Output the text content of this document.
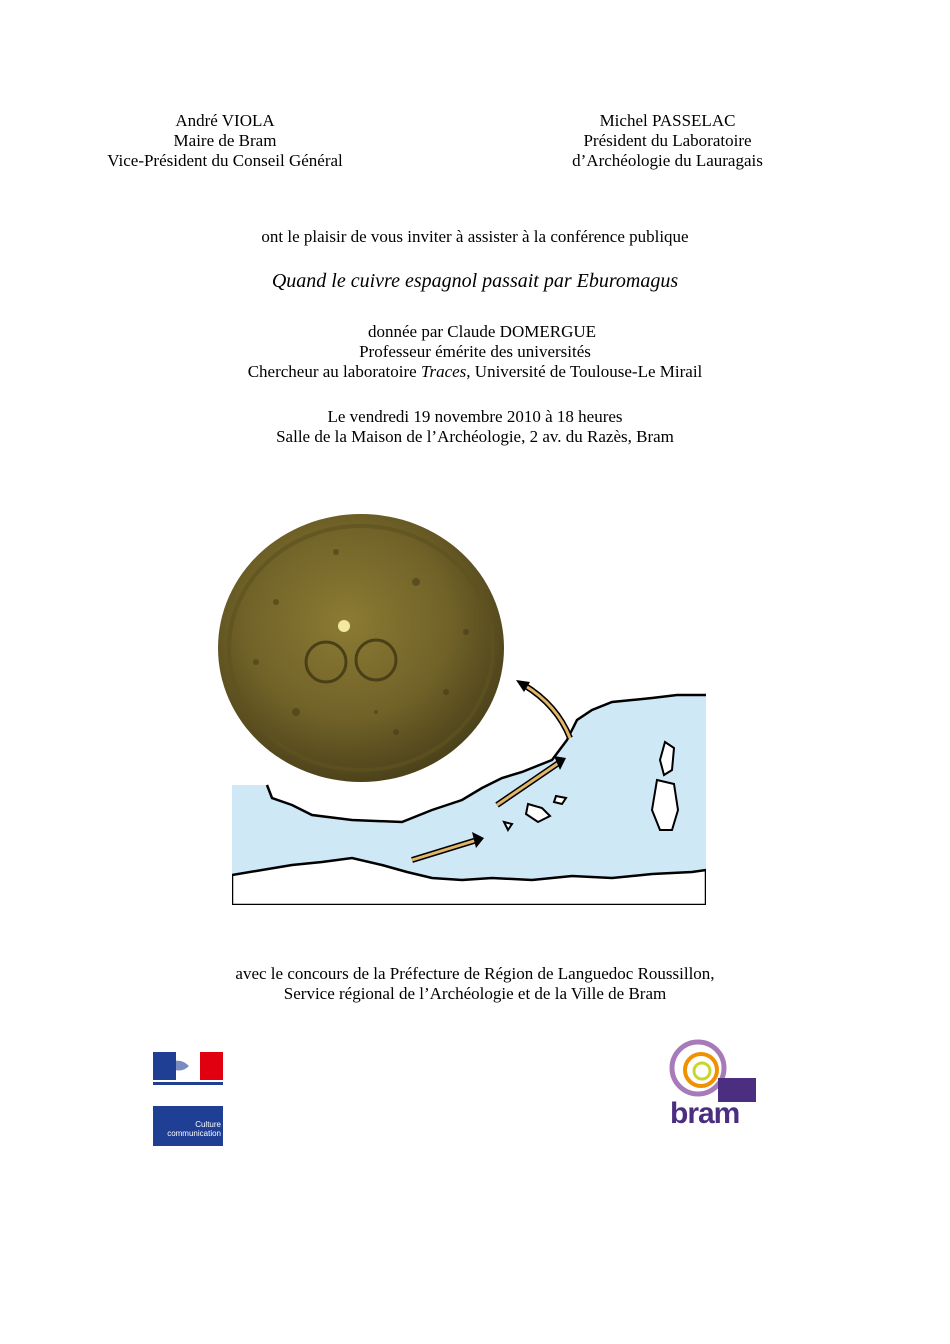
André VIOLA
Maire de Bram
Vice-Président du Conseil Général
Michel PASSELAC
Président du Laboratoire
d’Archéologie du Lauragais
ont le plaisir de vous inviter à assister à la conférence publique
Quand le cuivre espagnol passait par Eburomagus
donnée par Claude DOMERGUE
Professeur émérite des universités
Chercheur au laboratoire Traces, Université de Toulouse-Le Mirail
Le vendredi 19 novembre 2010 à 18 heures
Salle de la Maison de l’Archéologie, 2 av. du Razès, Bram
avec le concours de la Préfecture de Région de Languedoc Roussillon,
Service régional de l’Archéologie et de la Ville de Bram
Culture communication
bram
